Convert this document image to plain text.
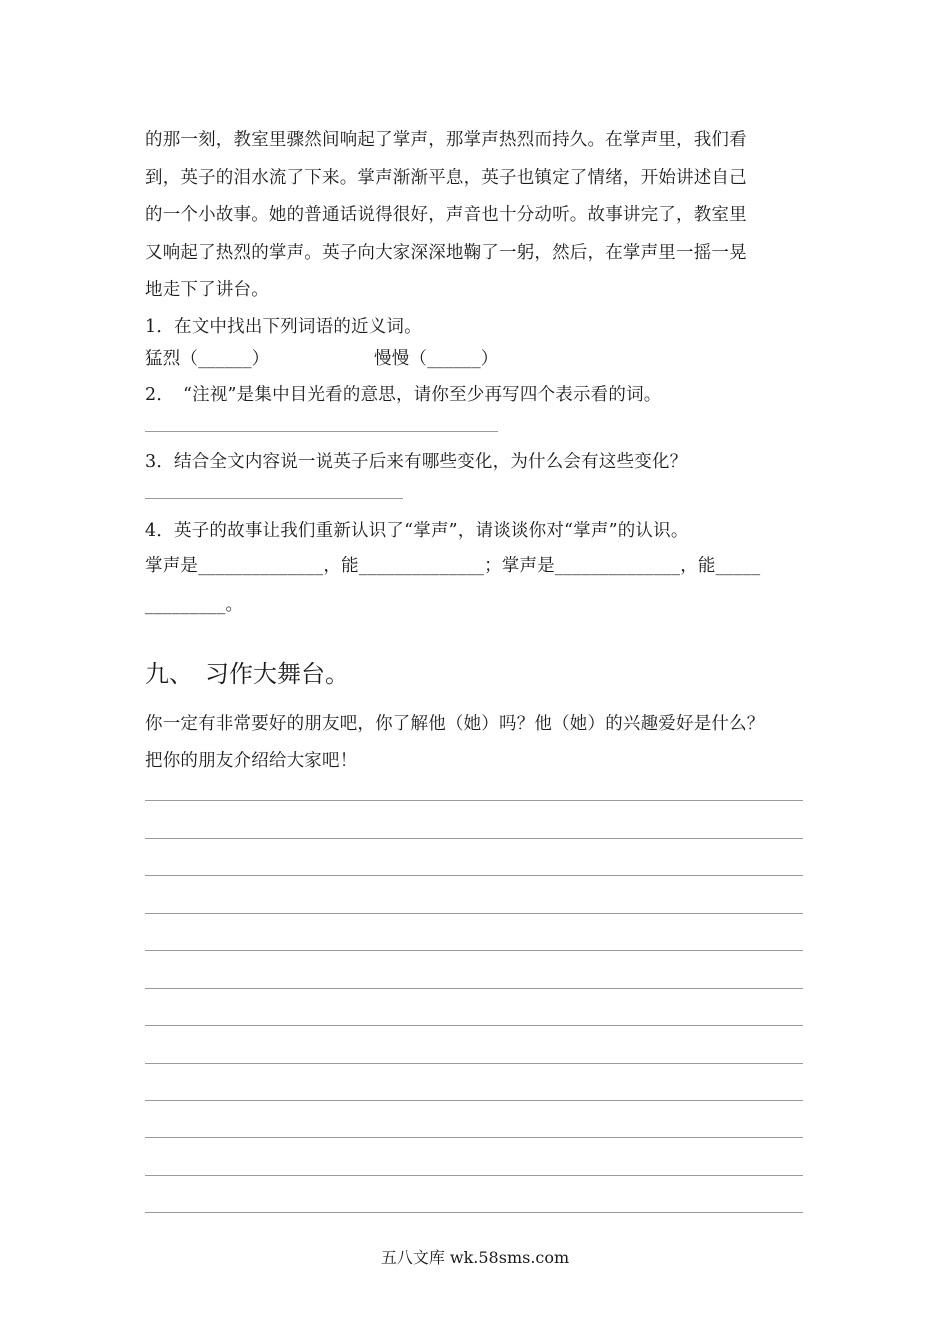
的那一刻，教室里骤然间响起了掌声，那掌声热烈而持久。在掌声里，我们看
到，英子的泪水流了下来。掌声渐渐平息，英子也镇定了情绪，开始讲述自己
的一个小故事。她的普通话说得很好，声音也十分动听。故事讲完了，教室里
又响起了热烈的掌声。英子向大家深深地鞠了一躬，然后，在掌声里一摇一晃
地走下了讲台。
1．在文中找出下列词语的近义词。
猛烈（______）	慢慢（______）
2．　“注视”是集中目光看的意思，请你至少再写四个表示看的词。
3．结合全文内容说一说英子后来有哪些变化，为什么会有这些变化？
4．英子的故事让我们重新认识了“掌声”，请谈谈你对“掌声”的认识。
掌声是______________，能______________；掌声是______________，能_____
_________。
九、　习作大舞台。
你一定有非常要好的朋友吧，你了解他（她）吗？他（她）的兴趣爱好是什么？
把你的朋友介绍给大家吧！
五八文库 wk.58sms.com
